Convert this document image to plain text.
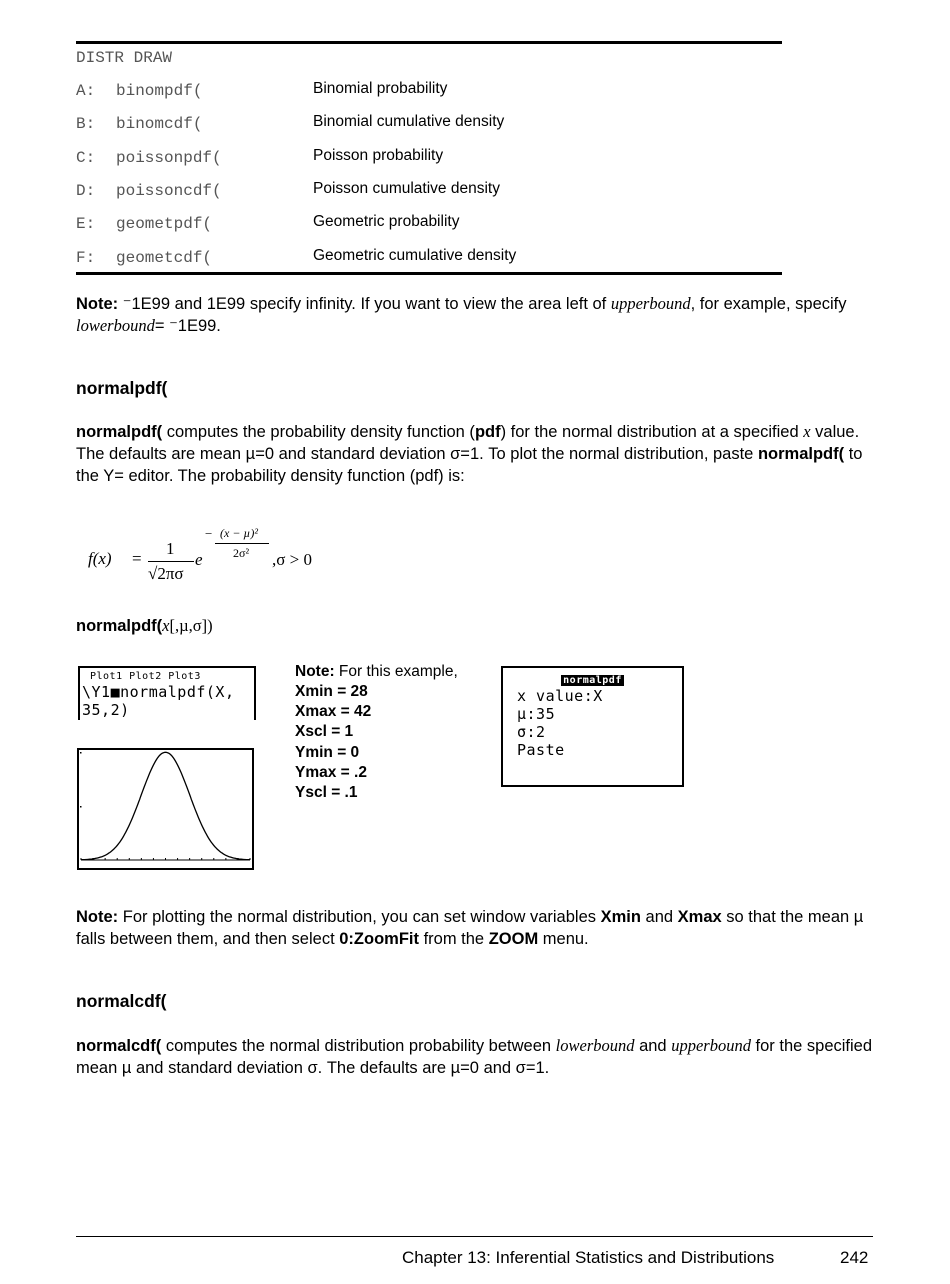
DISTR DRAW
A: binompdf(	Binomial probability
B: binomcdf(	Binomial cumulative density
C: poissonpdf(	Poisson probability
D: poissoncdf(	Poisson cumulative density
E: geometpdf(	Geometric probability
F: geometcdf(	Geometric cumulative density

Note: ⁻1E99 and 1E99 specify infinity. If you want to view the area left of upperbound, for example, specify lowerbound= ⁻1E99.

normalpdf(

normalpdf( computes the probability density function (pdf) for the normal distribution at a specified x value. The defaults are mean µ=0 and standard deviation σ=1. To plot the normal distribution, paste normalpdf( to the Y= editor. The probability density function (pdf) is:

f(x) =
1
√2πσ
e
− (x − µ)²
2σ² ,σ > 0

normalpdf(x[,µ,σ])

Plot1 Plot2 Plot3
\Y1■normalpdf(X,
35,2)
Note: For this example,
Xmin = 28
Xmax = 42
Xscl = 1
Ymin = 0
Ymax = .2
Yscl = .1
normalpdf
x value:X
µ:35
σ:2
Paste

Note: For plotting the normal distribution, you can set window variables Xmin and Xmax so that the mean µ falls between them, and then select 0:ZoomFit from the ZOOM menu.

normalcdf(

normalcdf( computes the normal distribution probability between lowerbound and upperbound for the specified mean µ and standard deviation σ. The defaults are µ=0 and σ=1.

Chapter 13: Inferential Statistics and Distributions	242
